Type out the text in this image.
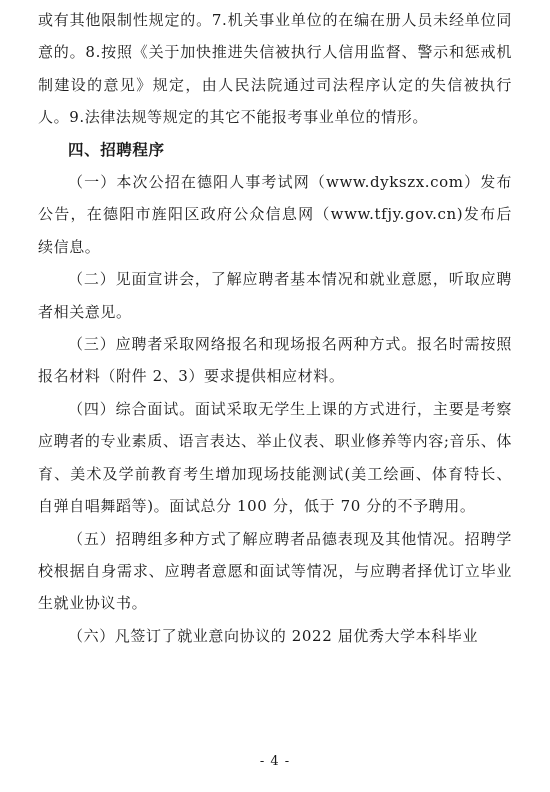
或有其他限制性规定的。7.机关事业单位的在编在册人员未经单位同意的。8.按照《关于加快推进失信被执行人信用监督、警示和惩戒机制建设的意见》规定，由人民法院通过司法程序认定的失信被执行人。9.法律法规等规定的其它不能报考事业单位的情形。

四、招聘程序

（一）本次公招在德阳人事考试网（www.dykszx.com）发布公告，在德阳市旌阳区政府公众信息网（www.tfjy.gov.cn)发布后续信息。

（二）见面宣讲会，了解应聘者基本情况和就业意愿，听取应聘者相关意见。

（三）应聘者采取网络报名和现场报名两种方式。报名时需按照报名材料（附件 2、3）要求提供相应材料。

（四）综合面试。面试采取无学生上课的方式进行，主要是考察应聘者的专业素质、语言表达、举止仪表、职业修养等内容;音乐、体育、美术及学前教育考生增加现场技能测试(美工绘画、体育特长、自弹自唱舞蹈等)。面试总分 100 分，低于 70 分的不予聘用。

（五）招聘组多种方式了解应聘者品德表现及其他情况。招聘学校根据自身需求、应聘者意愿和面试等情况，与应聘者择优订立毕业生就业协议书。

（六）凡签订了就业意向协议的 2022 届优秀大学本科毕业

- 4 -
